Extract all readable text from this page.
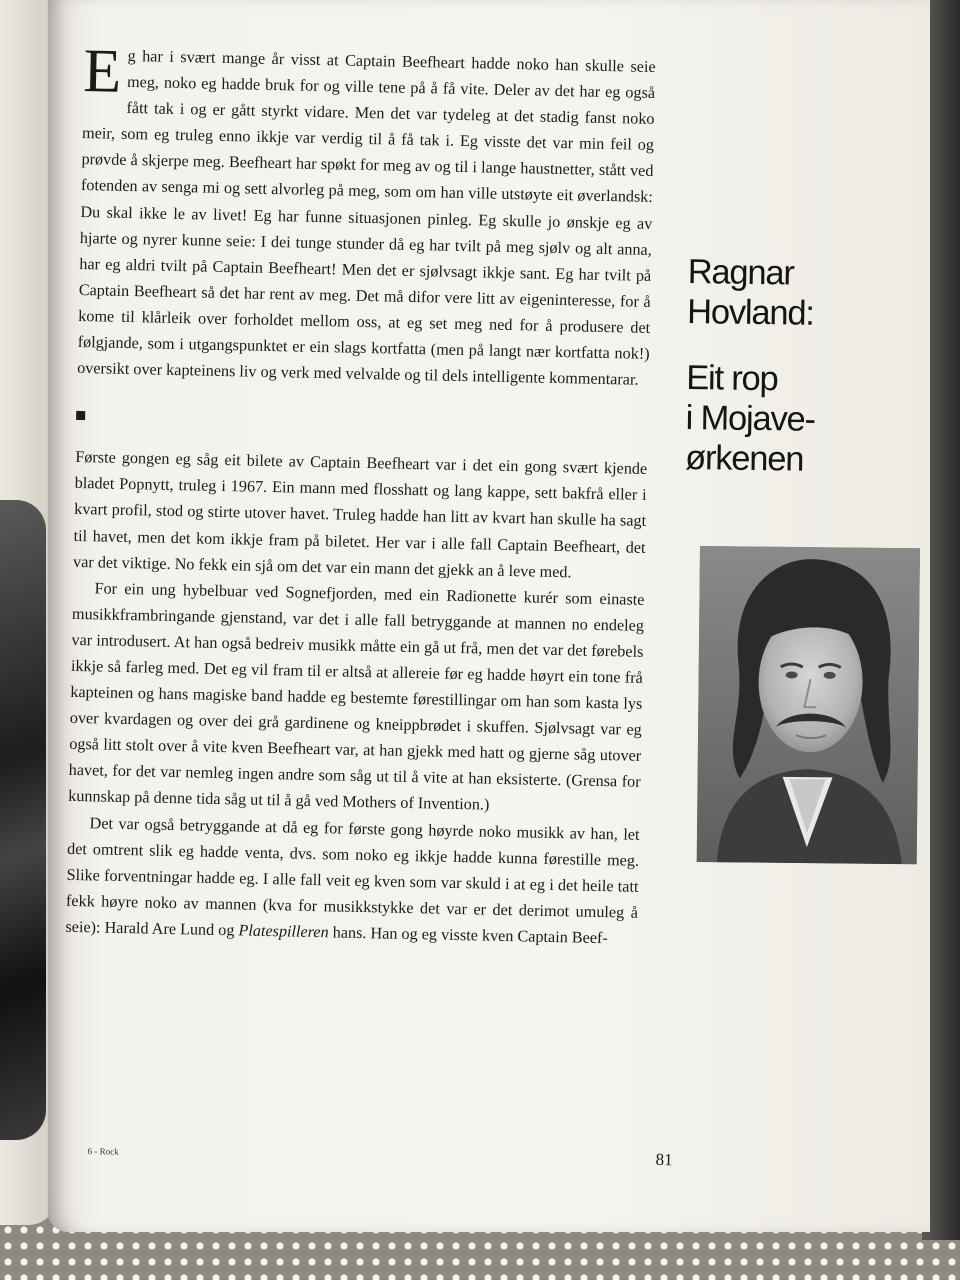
Eg har i svært mange år visst at Captain Beefheart hadde noko han skulle seie meg, noko eg hadde bruk for og ville tene på å få vite. Deler av det har eg også fått tak i og er gått styrkt vidare. Men det var tydeleg at det stadig fanst noko meir, som eg truleg enno ikkje var verdig til å få tak i. Eg visste det var min feil og prøvde å skjerpe meg. Beefheart har spøkt for meg av og til i lange haustnetter, stått ved fotenden av senga mi og sett alvorleg på meg, som om han ville utstøyte eit øverlandsk: Du skal ikke le av livet! Eg har funne situasjonen pinleg. Eg skulle jo ønskje eg av hjarte og nyrer kunne seie: I dei tunge stunder då eg har tvilt på meg sjølv og alt anna, har eg aldri tvilt på Captain Beefheart! Men det er sjølvsagt ikkje sant. Eg har tvilt på Captain Beefheart så det har rent av meg. Det må difor vere litt av eigeninteresse, for å kome til klårleik over forholdet mellom oss, at eg set meg ned for å produsere det følgjande, som i utgangspunktet er ein slags kortfatta (men på langt nær kortfatta nok!) oversikt over kapteinens liv og verk med velvalde og til dels intelligente kommentarar.

Første gongen eg såg eit bilete av Captain Beefheart var i det ein gong svært kjende bladet Popnytt, truleg i 1967. Ein mann med flosshatt og lang kappe, sett bakfrå eller i kvart profil, stod og stirte utover havet. Truleg hadde han litt av kvart han skulle ha sagt til havet, men det kom ikkje fram på biletet. Her var i alle fall Captain Beefheart, det var det viktige. No fekk ein sjå om det var ein mann det gjekk an å leve med.

For ein ung hybelbuar ved Sognefjorden, med ein Radionette kurér som einaste musikkframbringande gjenstand, var det i alle fall betryggande at mannen no endeleg var introdusert. At han også bedreiv musikk måtte ein gå ut frå, men det var det førebels ikkje så farleg med. Det eg vil fram til er altså at allereie før eg hadde høyrt ein tone frå kapteinen og hans magiske band hadde eg bestemte førestillingar om han som kasta lys over kvardagen og over dei grå gardinene og kneippbrødet i skuffen. Sjølvsagt var eg også litt stolt over å vite kven Beefheart var, at han gjekk med hatt og gjerne såg utover havet, for det var nemleg ingen andre som såg ut til å vite at han eksisterte. (Grensa for kunnskap på denne tida såg ut til å gå ved Mothers of Invention.)

Det var også betryggande at då eg for første gong høyrde noko musikk av han, let det omtrent slik eg hadde venta, dvs. som noko eg ikkje hadde kunna førestille meg. Slike forventningar hadde eg. I alle fall veit eg kven som var skuld i at eg i det heile tatt fekk høyre noko av mannen (kva for musikkstykke det var er det derimot umuleg å seie): Harald Are Lund og Platespilleren hans. Han og eg visste kven Captain Beef-

6 - Rock	81
Ragnar
Hovland:
Eit rop
i Mojave-
ørkenen
